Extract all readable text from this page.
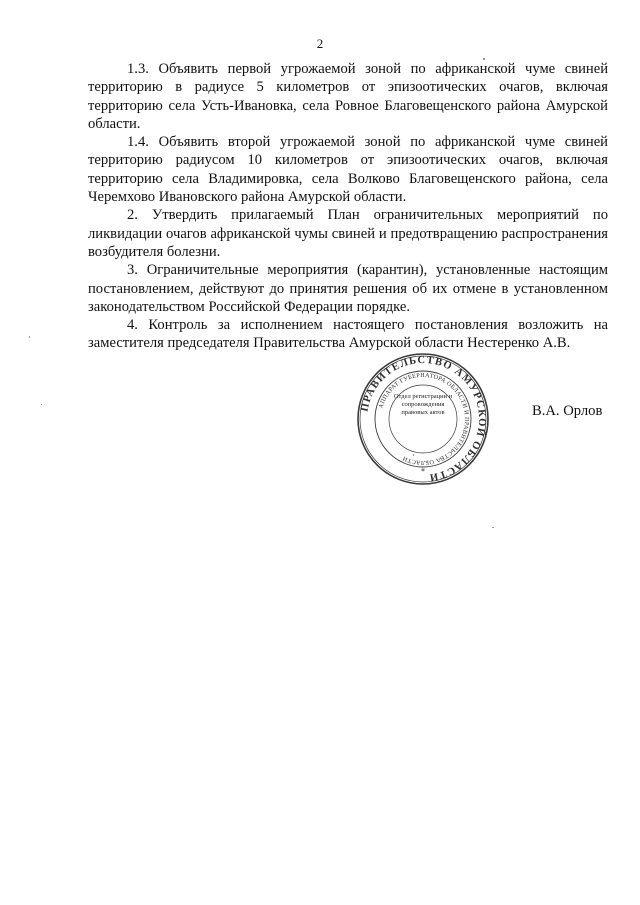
2

1.3. Объявить первой угрожаемой зоной по африканской чуме свиней территорию в радиусе 5 километров от эпизоотических очагов, включая территорию села Усть-Ивановка, села Ровное Благовещенского района Амурской области.

1.4. Объявить второй угрожаемой зоной по африканской чуме свиней территорию радиусом 10 километров от эпизоотических очагов, включая территорию села Владимировка, села Волково Благовещенского района, села Черемхово Ивановского района Амурской области.

2. Утвердить прилагаемый План ограничительных мероприятий по ликвидации очагов африканской чумы свиней и предотвращению распространения возбудителя болезни.

3. Ограничительные мероприятия (карантин), установленные настоящим постановлением, действуют до принятия решения об их отмене в установленном законодательством Российской Федерации порядке.

4. Контроль за исполнением настоящего постановления возложить на заместителя председателя Правительства Амурской области Нестеренко А.В.

ПРАВИТЕЛЬСТВО АМУРСКОЙ ОБЛАСТИ
АППАРАТ ГУБЕРНАТОРА ОБЛАСТИ И ПРАВИТЕЛЬСТВА ОБЛАСТИ
*
Отдел регистрации и сопровождения правовых актов	В.А. Орлов
